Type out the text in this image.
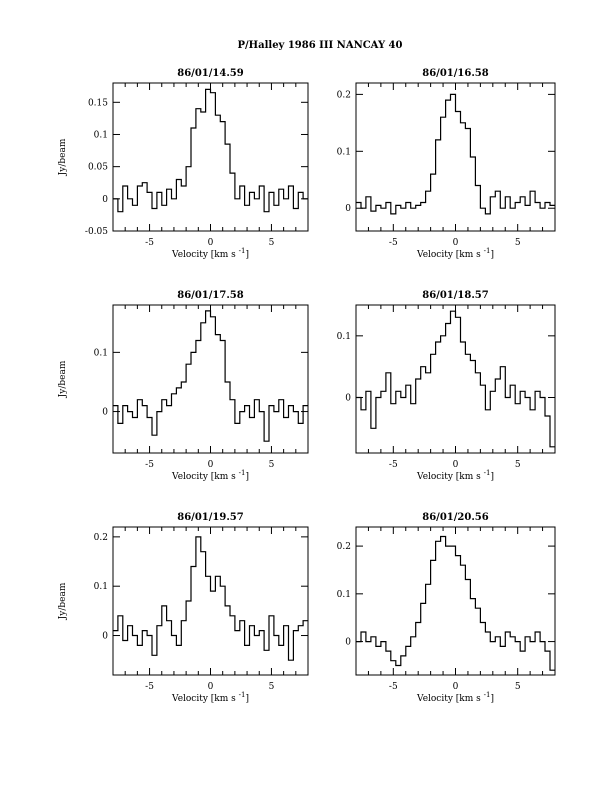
P/Halley 1986 III NANCAY 40
86/01/14.59
-5	0	5
-0.05
0
0.05
0.1
0.15
Velocity [km s $^{-1}$]
Jy/beam
86/01/16.58
-5	0	5
0
0.1
0.2
Velocity [km s $^{-1}$]
86/01/17.58
-5	0	5
0
0.1
Velocity [km s $^{-1}$]
Jy/beam
86/01/18.57
-5	0	5
0
0.1
Velocity [km s $^{-1}$]
86/01/19.57
-5	0	5
0
0.1
0.2
Velocity [km s $^{-1}$]
Jy/beam
86/01/20.56
-5	0	5
0
0.1
0.2
Velocity [km s $^{-1}$]
